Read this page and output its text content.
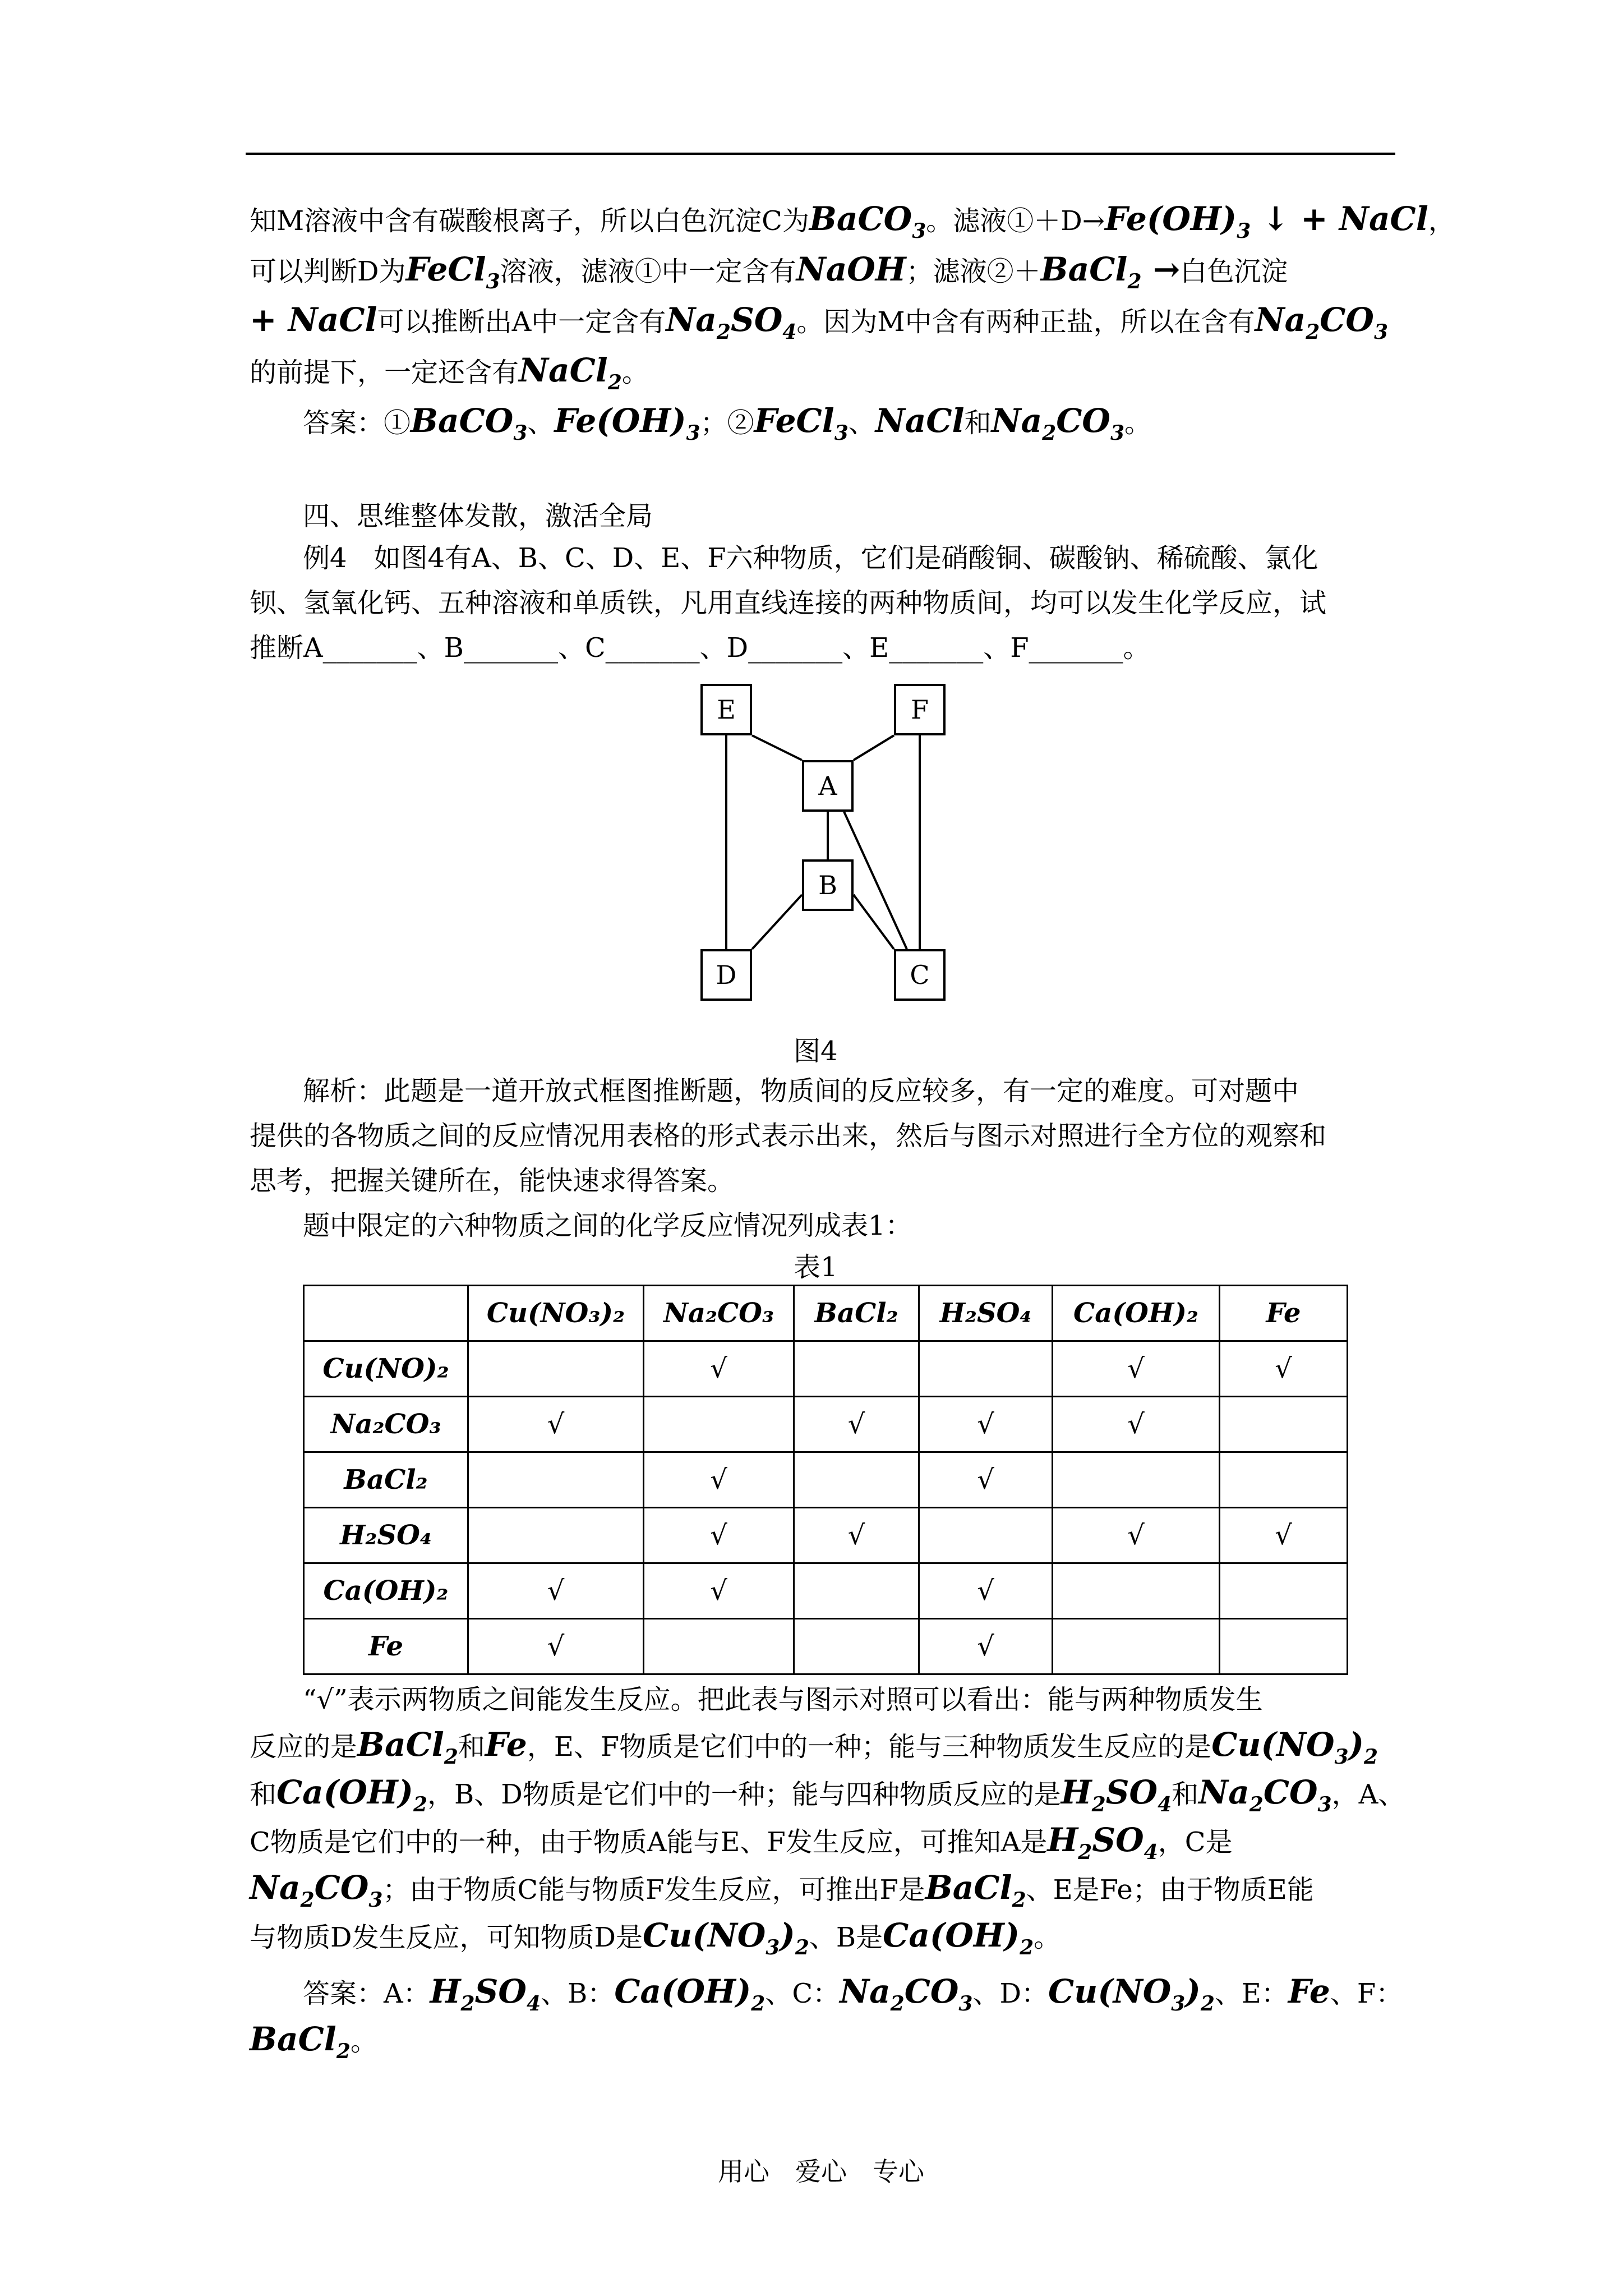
知M溶液中含有碳酸根离子，所以白色沉淀C为BaCO$_3$。滤液$①+D\to Fe(OH)_3$ ↓ + NaCl，
可以判断D为FeCl$_3$溶液，滤液①中一定含有NaOH；滤液②＋BaCl$_2$ →白色沉淀
+ NaCl可以推断出A中一定含有$Na_2SO_4$。因为M中含有两种正盐，所以在含有$Na_2CO_3$
的前提下，一定还含有NaCl$_2$。
答案：①BaCO$_3$、$Fe(OH)_3$；②FeCl$_3$、NaCl和$Na_2CO_3$。
四、思维整体发散，激活全局
例4　如图4有A、B、C、D、E、F六种物质，它们是硝酸铜、碳酸钠、稀硫酸、氯化
钡、氢氧化钙、五种溶液和单质铁，凡用直线连接的两种物质间，均可以发生化学反应，试
推断A_______、B_______、C_______、D_______、E_______、F_______。
E	F
A
B
D	C
图4
解析：此题是一道开放式框图推断题，物质间的反应较多，有一定的难度。可对题中
提供的各物质之间的反应情况用表格的形式表示出来，然后与图示对照进行全方位的观察和
思考，把握关键所在，能快速求得答案。
题中限定的六种物质之间的化学反应情况列成表1：
表1
	Cu(NO₃)₂	Na₂CO₃	BaCl₂	H₂SO₄	Ca(OH)₂	Fe
Cu(NO)₂		√			√	√
Na₂CO₃	√		√	√	√	
BaCl₂		√		√		
H₂SO₄		√	√		√	√
Ca(OH)₂	√	√		√		
Fe	√			√		
“√”表示两物质之间能发生反应。把此表与图示对照可以看出：能与两种物质发生
反应的是BaCl$_2$和Fe，E、F物质是它们中的一种；能与三种物质发生反应的是$Cu(NO_3)_2$
和$Ca(OH)_2$，B、D物质是它们中的一种；能与四种物质反应的是$H_2SO_4$和$Na_2CO_3$，A、
C物质是它们中的一种，由于物质A能与E、F发生反应，可推知A是$H_2SO_4$，C是
$Na_2CO_3$；由于物质C能与物质F发生反应，可推出F是BaCl$_2$、E是Fe；由于物质E能
与物质D发生反应，可知物质D是$Cu(NO_3)_2$、B是$Ca(OH)_2$。
答案：A：$H_2SO_4$、B：$Ca(OH)_2$、C：$Na_2CO_3$、D：$Cu(NO_3)_2$、E：Fe、F：
BaCl$_2$。
用心　爱心　专心
